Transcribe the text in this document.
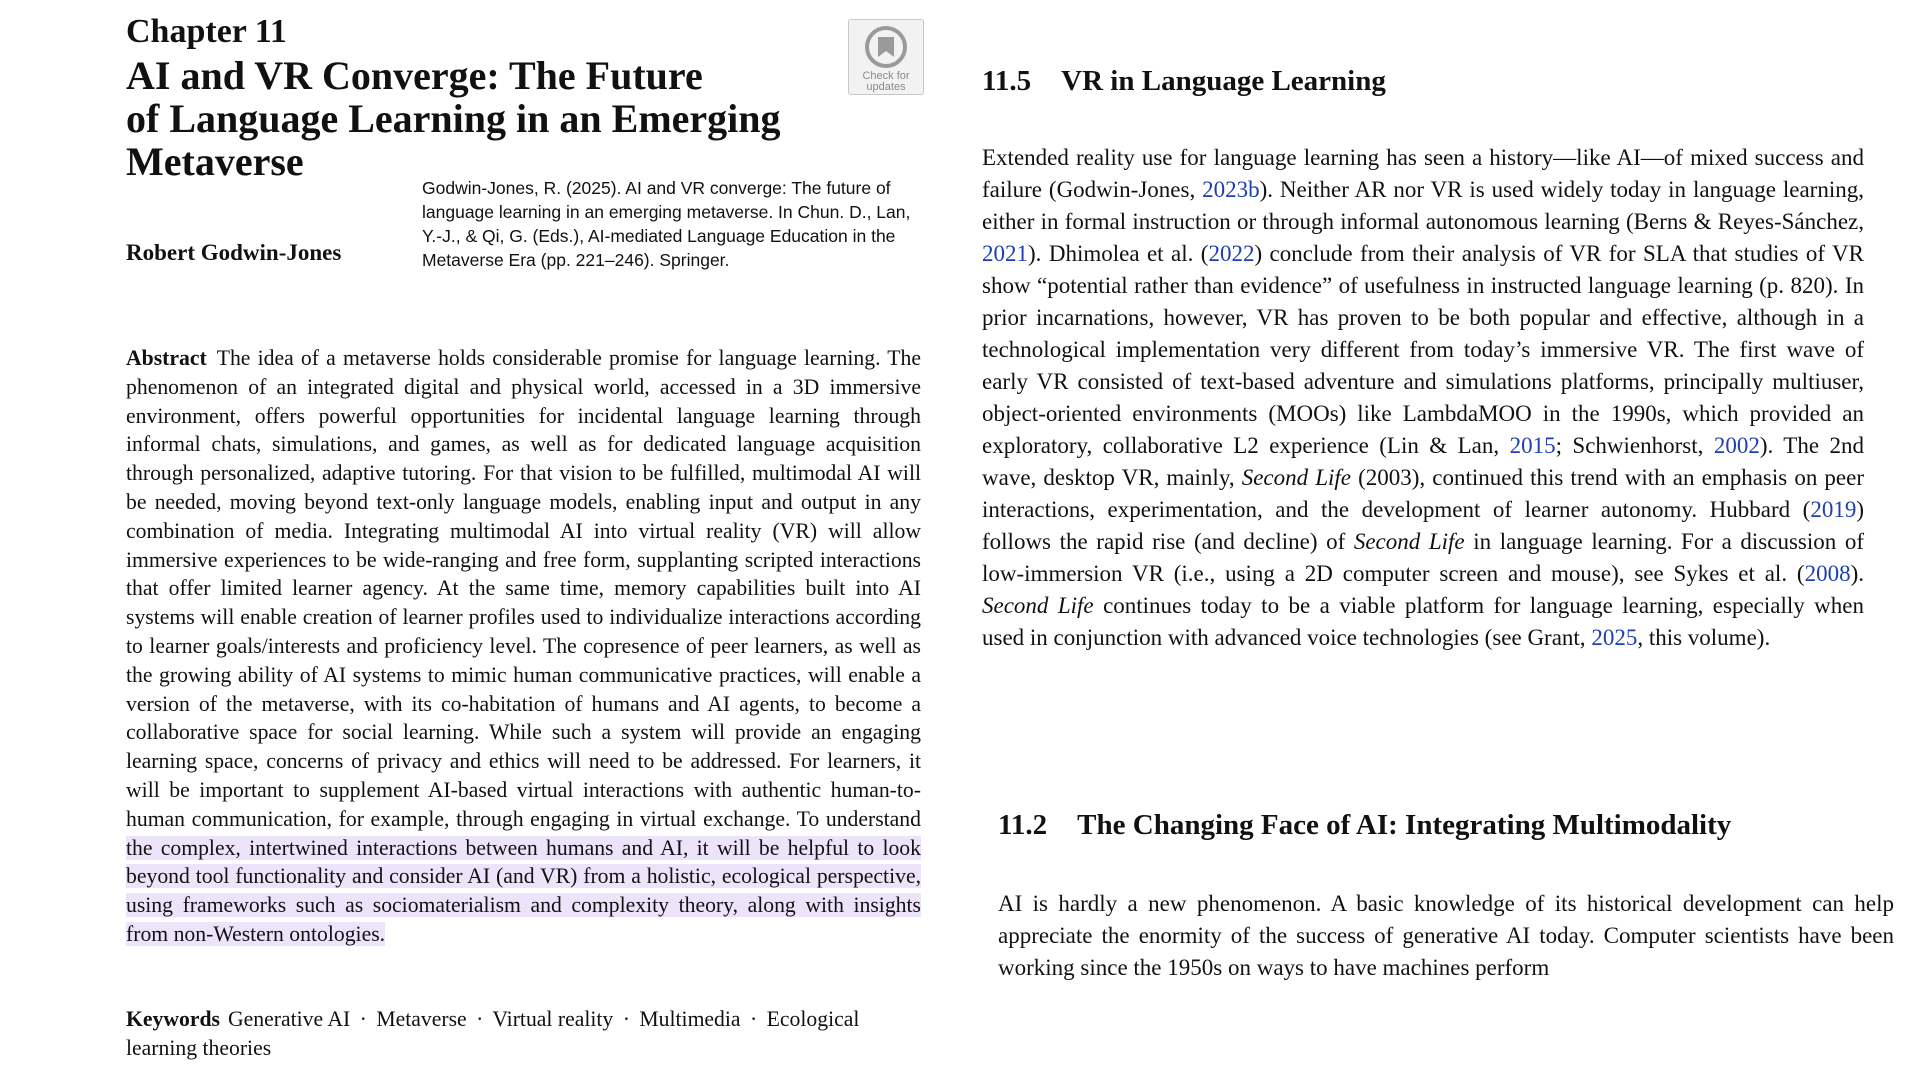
Chapter 11
AI and VR Converge: The Future
of Language Learning in an Emerging
Metaverse
Check for
updates
Godwin-Jones, R. (2025). AI and VR converge: The future of language learning in an emerging metaverse. In Chun. D., Lan, Y.-J., & Qi, G. (Eds.), AI-mediated Language Education in the Metaverse Era (pp. 221–246). Springer.
Robert Godwin-Jones

Abstract The idea of a metaverse holds considerable promise for language learning. The phenomenon of an integrated digital and physical world, accessed in a 3D immersive environment, offers powerful opportunities for incidental language learning through informal chats, simulations, and games, as well as for dedicated language acquisition through personalized, adaptive tutoring. For that vision to be fulfilled, multimodal AI will be needed, moving beyond text-only language models, enabling input and output in any combination of media. Integrating multimodal AI into virtual reality (VR) will allow immersive experiences to be wide-ranging and free form, supplanting scripted interactions that offer limited learner agency. At the same time, memory capabilities built into AI systems will enable creation of learner profiles used to individualize interactions according to learner goals/interests and proficiency level. The copresence of peer learners, as well as the growing ability of AI systems to mimic human communicative practices, will enable a version of the metaverse, with its co-habitation of humans and AI agents, to become a collaborative space for social learning. While such a system will provide an engaging learning space, concerns of privacy and ethics will need to be addressed. For learners, it will be important to supplement AI-based virtual interactions with authentic human-to-human communication, for example, through engaging in virtual exchange. To understand the complex, intertwined interactions between humans and AI, it will be helpful to look beyond tool functionality and consider AI (and VR) from a holistic, ecological perspective, using frameworks such as sociomaterialism and complexity theory, along with insights from non-Western ontologies.

Keywords Generative AI · Metaverse · Virtual reality · Multimedia · Ecological learning theories

11.5 VR in Language Learning

Extended reality use for language learning has seen a history—like AI—of mixed success and failure (Godwin-Jones, 2023b). Neither AR nor VR is used widely today in language learning, either in formal instruction or through informal autonomous learning (Berns & Reyes-Sánchez, 2021). Dhimolea et al. (2022) conclude from their analysis of VR for SLA that studies of VR show “potential rather than evidence” of usefulness in instructed language learning (p. 820). In prior incarnations, however, VR has proven to be both popular and effective, although in a technological implementation very different from today’s immersive VR. The first wave of early VR consisted of text-based adventure and simulations platforms, principally multiuser, object-oriented environments (MOOs) like LambdaMOO in the 1990s, which provided an exploratory, collaborative L2 experience (Lin & Lan, 2015; Schwienhorst, 2002). The 2nd wave, desktop VR, mainly, Second Life (2003), continued this trend with an emphasis on peer interactions, experimentation, and the development of learner autonomy. Hubbard (2019) follows the rapid rise (and decline) of Second Life in language learning. For a discussion of low-immersion VR (i.e., using a 2D computer screen and mouse), see Sykes et al. (2008). Second Life continues today to be a viable platform for language learning, especially when used in conjunction with advanced voice technologies (see Grant, 2025, this volume).

11.2 The Changing Face of AI: Integrating Multimodality

AI is hardly a new phenomenon. A basic knowledge of its historical development can help appreciate the enormity of the success of generative AI today. Computer scientists have been working since the 1950s on ways to have machines perform
